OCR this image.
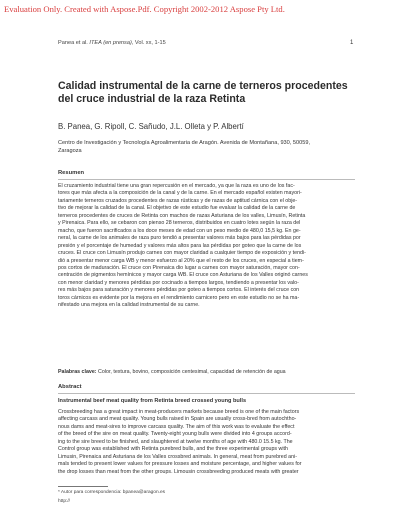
Evaluation Only. Created with Aspose.Pdf. Copyright 2002-2012 Aspose Pty Ltd.
Panea et al. ITEA (en prensa), Vol. xx, 1-15	1
Calidad instrumental de la carne de terneros procedentes
del cruce industrial de la raza Retinta
B. Panea, G. Ripoll, C. Sañudo, J.L. Olleta y P. Albertí
Centro de Investigación y Tecnología Agroalimentaria de Aragón. Avenida de Montañana, 930, 50059,
Zaragoza
Resumen
El cruzamiento industrial tiene una gran repercusión en el mercado, ya que la raza es uno de los fac-
tores que más afecta a la composición de la canal y de la carne. En el mercado español existen mayori-
tariamente terneros cruzados procedentes de razas rústicas y de razas de aptitud cárnica con el obje-
tivo de mejorar la calidad de la canal. El objetivo de este estudio fue evaluar la calidad de la carne de
terneros procedentes de cruces de Retinta con machos de razas Asturiana de los valles, Limusín, Retinta
y Pirenaica. Para ello, se cebaron con pienso 28 terneros, distribuidos en cuatro lotes según la raza del
macho, que fueron sacrificados a los doce meses de edad con un peso medio de 480,0 15,5 kg. En ge-
neral, la carne de los animales de raza puro tendió a presentar valores más bajos para las pérdidas por
presión y el porcentaje de humedad y valores más altos para las pérdidas por goteo que la carne de los
cruces. El cruce con Limusín produjo carnes con mayor claridad a cualquier tiempo de exposición y tendi-
dió a presentar menor carga WB y menor esfuerzo al 20% que el resto de los cruces, en especial a tiem-
pos cortos de maduración. El cruce con Pirenaica dio lugar a carnes con mayor saturación, mayor con-
centración de pigmentos hemínicos y mayor carga WB. El cruce con Asturiana de los Valles originó carnes
con menor claridad y menores pérdidas por cocinado a tiempos largos, tendiendo a presentar los valo-
res más bajos para saturación y menores pérdidas por goteo a tiempos cortos. El interés del cruce con
toros cárnicos es evidente por la mejora en el rendimiento carnicero pero en este estudio no se ha ma-
nifestado una mejora en la calidad instrumental de su carne.
Palabras clave: Color, textura, bovino, composición centesimal, capacidad de retención de agua
Abstract
Instrumental beef meat quality from Retinta breed crossed young bulls
Crossbreeding has a great impact in meat-producers markets because breed is one of the main factors
affecting carcass and meat quality. Young bulls raised in Spain are usually cross-bred from autochtho-
nous dams and meat-sires to improve carcass quality. The aim of this work was to evaluate the effect
of the breed of the sire on meat quality. Twenty-eight young bulls were divided into 4 groups accord-
ing to the sire breed to be finished, and slaughtered at twelve months of age with 480.0 15.5 kg. The
Control group was established with Retinta purebred bulls, and the three experimental groups with
Limusin, Pirenaica and Asturiana de los Valles crossbred animals. In general, meat from purebred ani-
mals tended to present lower values for pressure losses and moisture percentage, and higher values for
the drop losses than meat from the other groups. Limousin crossbreeding produced meats with greater
* Autor para correspondencia: bpanea@aragon.es
http://
